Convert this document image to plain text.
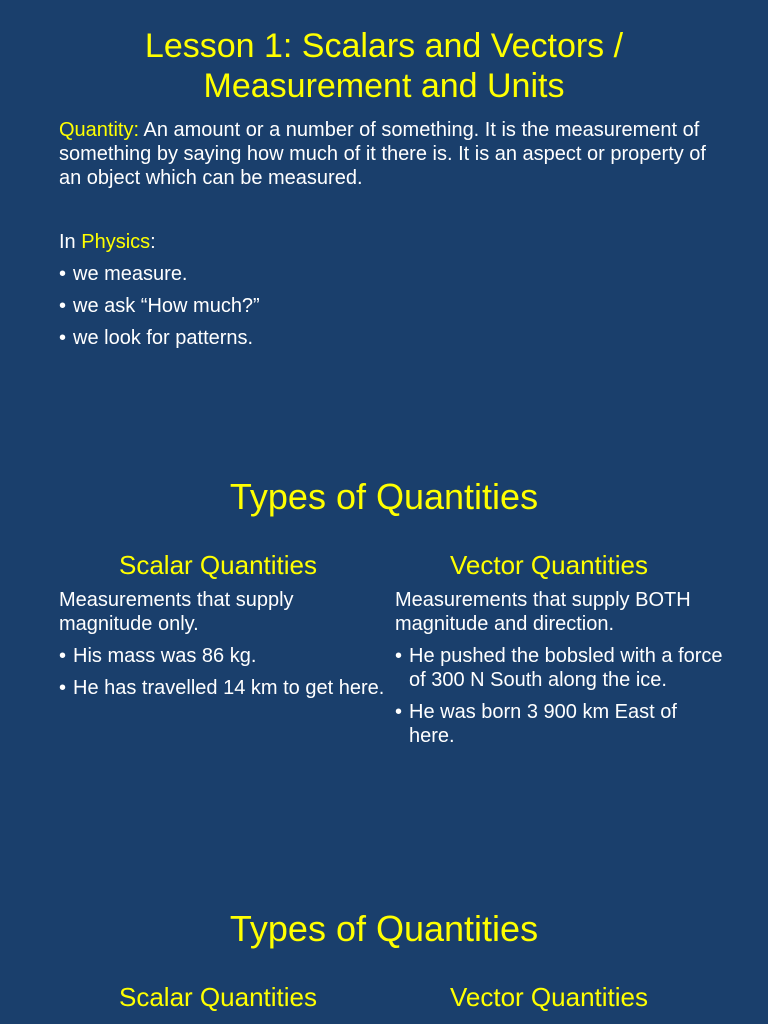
Lesson 1: Scalars and Vectors /
Measurement and Units
Quantity: An amount or a number of something. It is the measurement of something by saying how much of it there is. It is an aspect or property of an object which can be measured.
In Physics:
• we measure.
• we ask “How much?”
• we look for patterns.
Types of Quantities
Scalar Quantities

Measurements that supply magnitude only.

• His mass was 86 kg.
• He has travelled 14 km to get here.
Vector Quantities

Measurements that supply BOTH magnitude and direction.

• He pushed the bobsled with a force of 300 N South along the ice.
• He was born 3 900 km East of here.
Types of Quantities
Scalar Quantities	Vector Quantities
